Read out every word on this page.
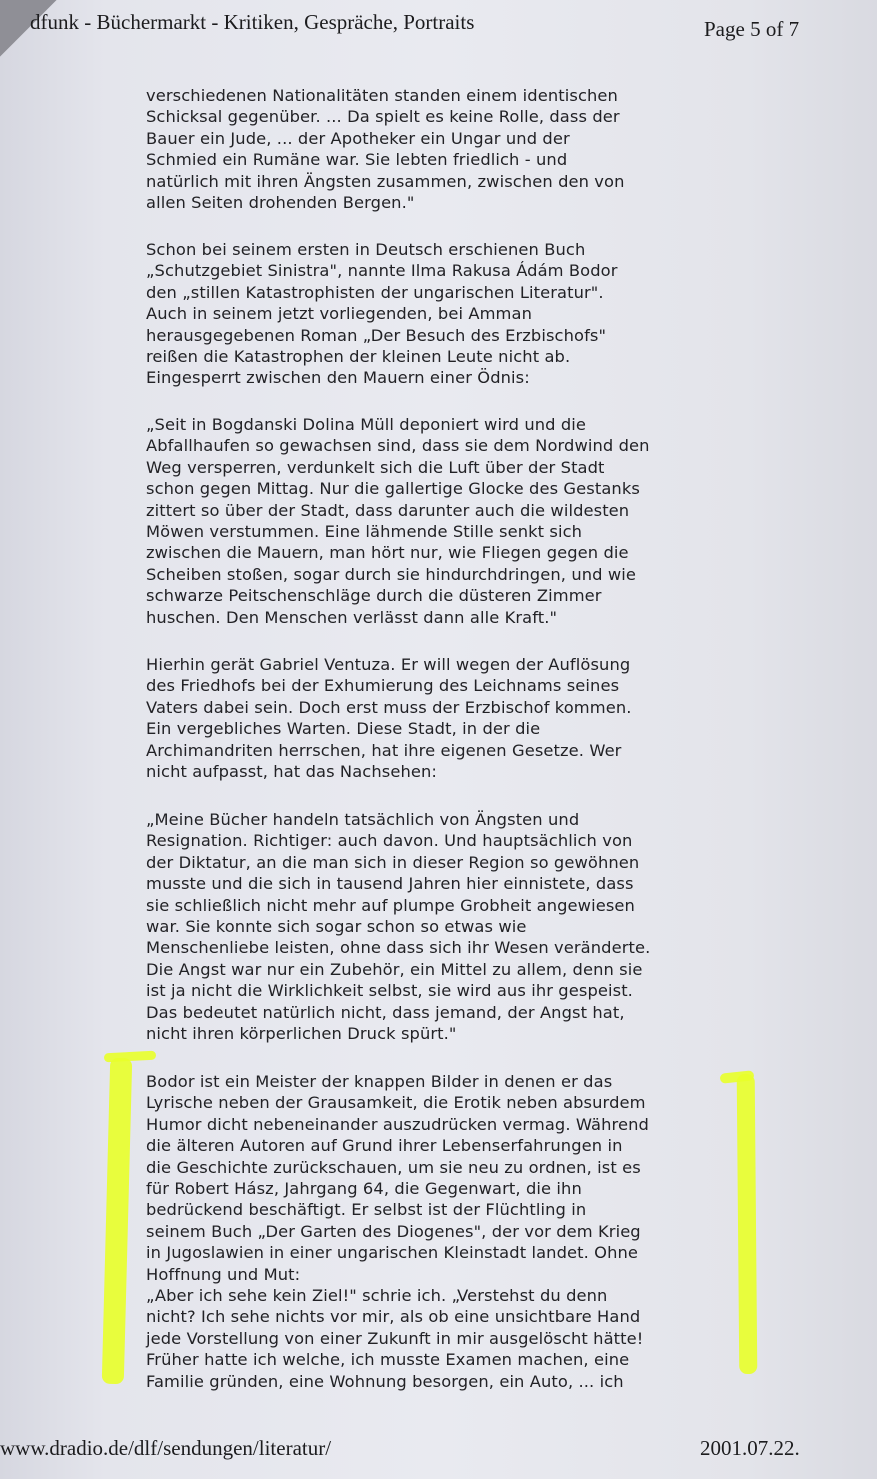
dfunk - Büchermarkt - Kritiken, Gespräche, Portraits	Page 5 of 7
verschiedenen Nationalitäten standen einem identischen
Schicksal gegenüber. ... Da spielt es keine Rolle, dass der
Bauer ein Jude, ... der Apotheker ein Ungar und der
Schmied ein Rumäne war. Sie lebten friedlich - und
natürlich mit ihren Ängsten zusammen, zwischen den von
allen Seiten drohenden Bergen."
Schon bei seinem ersten in Deutsch erschienen Buch
„Schutzgebiet Sinistra", nannte Ilma Rakusa Ádám Bodor
den „stillen Katastrophisten der ungarischen Literatur".
Auch in seinem jetzt vorliegenden, bei Amman
herausgegebenen Roman „Der Besuch des Erzbischofs"
reißen die Katastrophen der kleinen Leute nicht ab.
Eingesperrt zwischen den Mauern einer Ödnis:
„Seit in Bogdanski Dolina Müll deponiert wird und die
Abfallhaufen so gewachsen sind, dass sie dem Nordwind den
Weg versperren, verdunkelt sich die Luft über der Stadt
schon gegen Mittag. Nur die gallertige Glocke des Gestanks
zittert so über der Stadt, dass darunter auch die wildesten
Möwen verstummen. Eine lähmende Stille senkt sich
zwischen die Mauern, man hört nur, wie Fliegen gegen die
Scheiben stoßen, sogar durch sie hindurchdringen, und wie
schwarze Peitschenschläge durch die düsteren Zimmer
huschen. Den Menschen verlässt dann alle Kraft."
Hierhin gerät Gabriel Ventuza. Er will wegen der Auflösung
des Friedhofs bei der Exhumierung des Leichnams seines
Vaters dabei sein. Doch erst muss der Erzbischof kommen.
Ein vergebliches Warten. Diese Stadt, in der die
Archimandriten herrschen, hat ihre eigenen Gesetze. Wer
nicht aufpasst, hat das Nachsehen:
„Meine Bücher handeln tatsächlich von Ängsten und
Resignation. Richtiger: auch davon. Und hauptsächlich von
der Diktatur, an die man sich in dieser Region so gewöhnen
musste und die sich in tausend Jahren hier einnistete, dass
sie schließlich nicht mehr auf plumpe Grobheit angewiesen
war. Sie konnte sich sogar schon so etwas wie
Menschenliebe leisten, ohne dass sich ihr Wesen veränderte.
Die Angst war nur ein Zubehör, ein Mittel zu allem, denn sie
ist ja nicht die Wirklichkeit selbst, sie wird aus ihr gespeist.
Das bedeutet natürlich nicht, dass jemand, der Angst hat,
nicht ihren körperlichen Druck spürt."
Bodor ist ein Meister der knappen Bilder in denen er das
Lyrische neben der Grausamkeit, die Erotik neben absurdem
Humor dicht nebeneinander auszudrücken vermag. Während
die älteren Autoren auf Grund ihrer Lebenserfahrungen in
die Geschichte zurückschauen, um sie neu zu ordnen, ist es
für Robert Hász, Jahrgang 64, die Gegenwart, die ihn
bedrückend beschäftigt. Er selbst ist der Flüchtling in
seinem Buch „Der Garten des Diogenes", der vor dem Krieg
in Jugoslawien in einer ungarischen Kleinstadt landet. Ohne
Hoffnung und Mut:
„Aber ich sehe kein Ziel!" schrie ich. „Verstehst du denn
nicht? Ich sehe nichts vor mir, als ob eine unsichtbare Hand
jede Vorstellung von einer Zukunft in mir ausgelöscht hätte!
Früher hatte ich welche, ich musste Examen machen, eine
Familie gründen, eine Wohnung besorgen, ein Auto, ... ich
www.dradio.de/dlf/sendungen/literatur/	2001.07.22.
